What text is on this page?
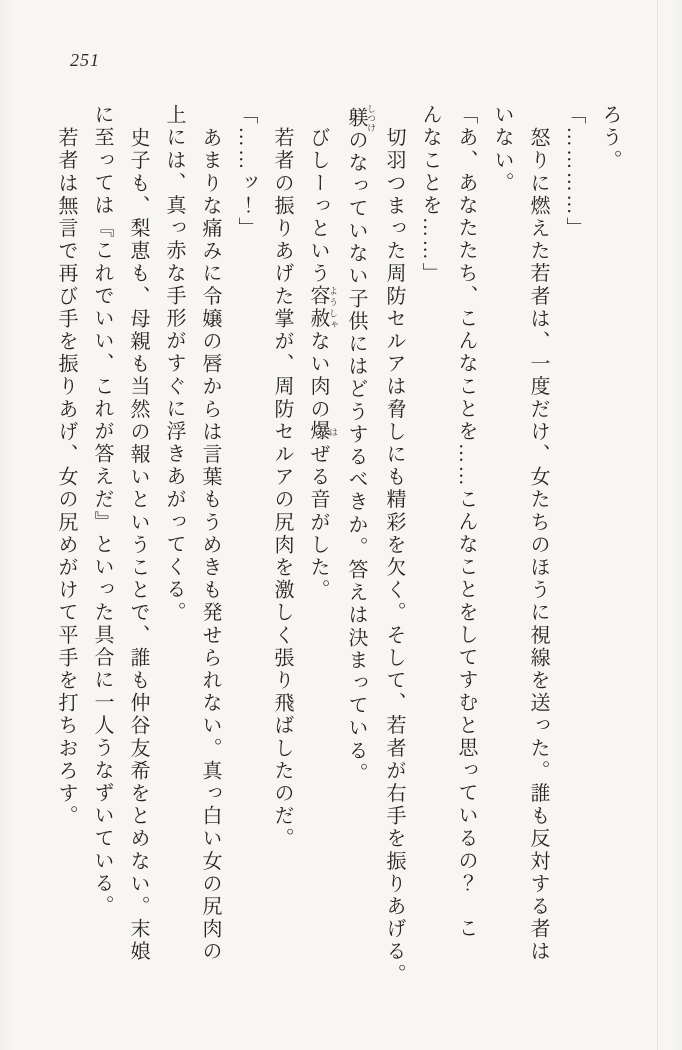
251

ろう。

「…………」

怒りに燃えた若者は、一度だけ、女たちのほうに視線を送った。誰も反対する者は

いない。

「あ、あなたたち、こんなことを……こんなことをしてすむと思っているの？　こ

んなことを……」

切羽つまった周防セルアは脅しにも精彩を欠く。そして、若者が右手を振りあげる。

躾 しつけのなっていない子供にはどうするべきか。答えは決まっている。

びしーっという容赦 ようしゃない肉の爆 はぜる音がした。

若者の振りあげた掌が、周防セルアの尻肉を激しく張り飛ばしたのだ。

「……ッ！」

あまりな痛みに令嬢の唇からは言葉もうめきも発せられない。真っ白い女の尻肉の

上には、真っ赤な手形がすぐに浮きあがってくる。

史子も、梨恵も、母親も当然の報いということで、誰も仲谷友希をとめない。末娘

に至っては『これでいい、これが答えだ』といった具合に一人うなずいている。

若者は無言で再び手を振りあげ、女の尻めがけて平手を打ちおろす。
